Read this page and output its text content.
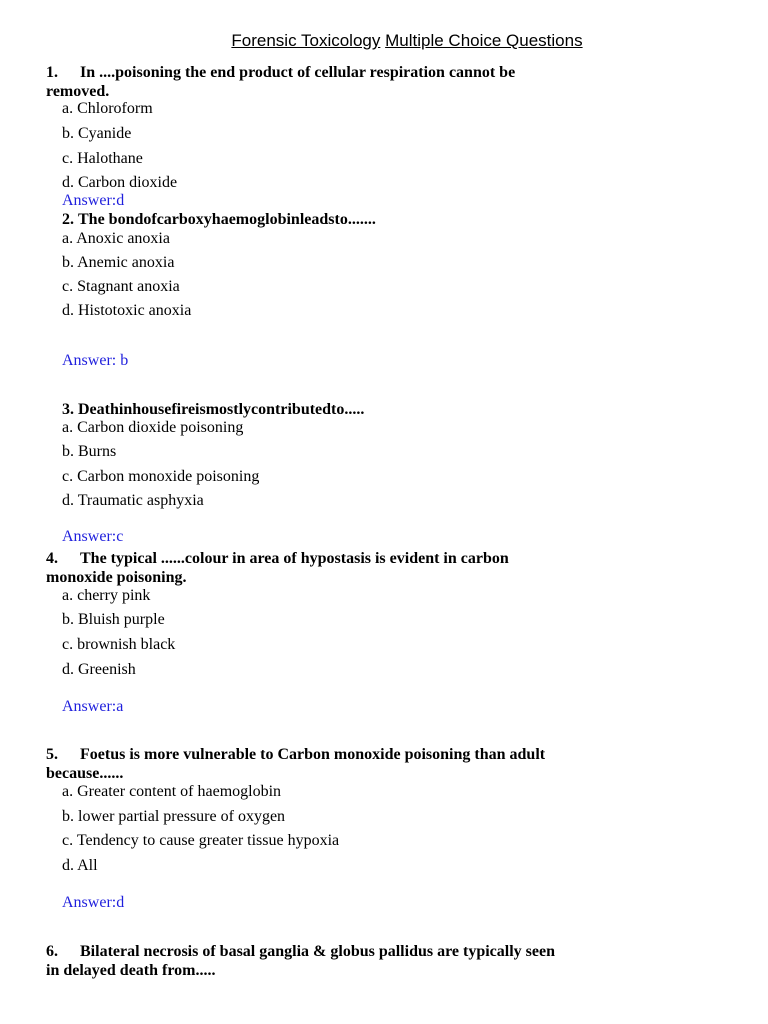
Forensic Toxicology Multiple Choice Questions
1. In ....poisoning the end product of cellular respiration cannot be removed.
a. Chloroform
b. Cyanide
c. Halothane
d. Carbon dioxide
Answer:d
2. The bondofcarboxyhaemoglobinleadsto.......
a. Anoxic anoxia
b. Anemic anoxia
c. Stagnant anoxia
d. Histotoxic anoxia
Answer: b
3. Deathinhousefireismostlycontributedto.....
a. Carbon dioxide poisoning
b. Burns
c. Carbon monoxide poisoning
d. Traumatic asphyxia
Answer:c
4. The typical ......colour in area of hypostasis is evident in carbon monoxide poisoning.
a. cherry pink
b. Bluish purple
c. brownish black
d. Greenish
Answer:a
5. Foetus is more vulnerable to Carbon monoxide poisoning than adult because......
a. Greater content of haemoglobin
b. lower partial pressure of oxygen
c. Tendency to cause greater tissue hypoxia
d. All
Answer:d
6. Bilateral necrosis of basal ganglia & globus pallidus are typically seen in delayed death from.....
